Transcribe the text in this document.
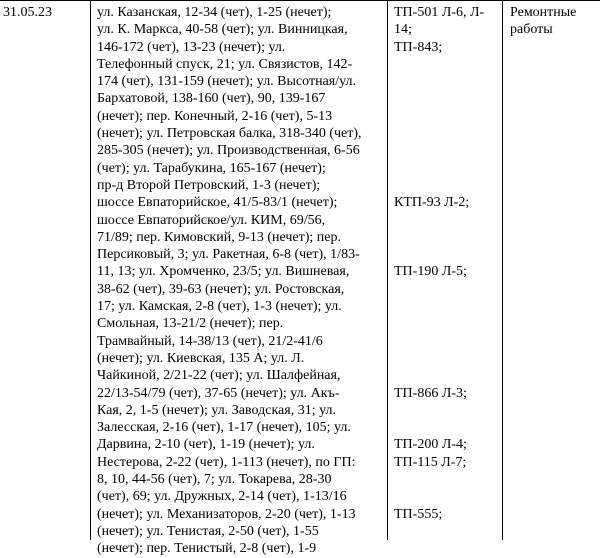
31.05.23	ул. Казанская, 12-34 (чет), 1-25 (нечет);
ул. К. Маркса, 40-58 (чет); ул. Винницкая,
146-172 (чет), 13-23 (нечет); ул.
Телефонный спуск, 21; ул. Связистов, 142-
174 (чет), 131-159 (нечет); ул. Высотная/ул.
Бархатовой, 138-160 (чет), 90, 139-167
(нечет); пер. Конечный, 2-16 (чет), 5-13
(нечет); ул. Петровская балка, 318-340 (чет),
285-305 (нечет); ул. Производственная, 6-56
(чет); ул. Тарабукина, 165-167 (нечет);
пр-д Второй Петровский, 1-3 (нечет);
шоссе Евпаторийское, 41/5-83/1 (нечет);
шоссе Евпаторийское/ул. КИМ, 69/56,
71/89; пер. Кимовский, 9-13 (нечет); пер.
Персиковый, 3; ул. Ракетная, 6-8 (чет), 1/83-
11, 13; ул. Хромченко, 23/5; ул. Вишневая,
38-62 (чет), 39-63 (нечет); ул. Ростовская,
17; ул. Камская, 2-8 (чет), 1-3 (нечет); ул.
Смольная, 13-21/2 (нечет); пер.
Трамвайный, 14-38/13 (чет), 21/2-41/6
(нечет); ул. Киевская, 135 А; ул. Л.
Чайкиной, 2/21-22 (чет); ул. Шалфейная,
22/13-54/79 (чет), 37-65 (нечет); ул. Акъ-
Кая, 2, 1-5 (нечет); ул. Заводская, 31; ул.
Залесская, 2-16 (чет), 1-17 (нечет), 105; ул.
Дарвина, 2-10 (чет), 1-19 (нечет); ул.
Нестерова, 2-22 (чет), 1-113 (нечет), по ГП:
8, 10, 44-56 (чет), 7; ул. Токарева, 28-30
(чет), 69; ул. Дружных, 2-14 (чет), 1-13/16
(нечет); ул. Механизаторов, 2-20 (чет), 1-13
(нечет); ул. Тенистая, 2-50 (чет), 1-55
(нечет); пер. Тенистый, 2-8 (чет), 1-9
ТП-501 Л-6, Л-
14;
ТП-843;
КТП-93 Л-2;
ТП-190 Л-5;
ТП-866 Л-3;
ТП-200 Л-4;
ТП-115 Л-7;
ТП-555;
Ремонтные
работы
